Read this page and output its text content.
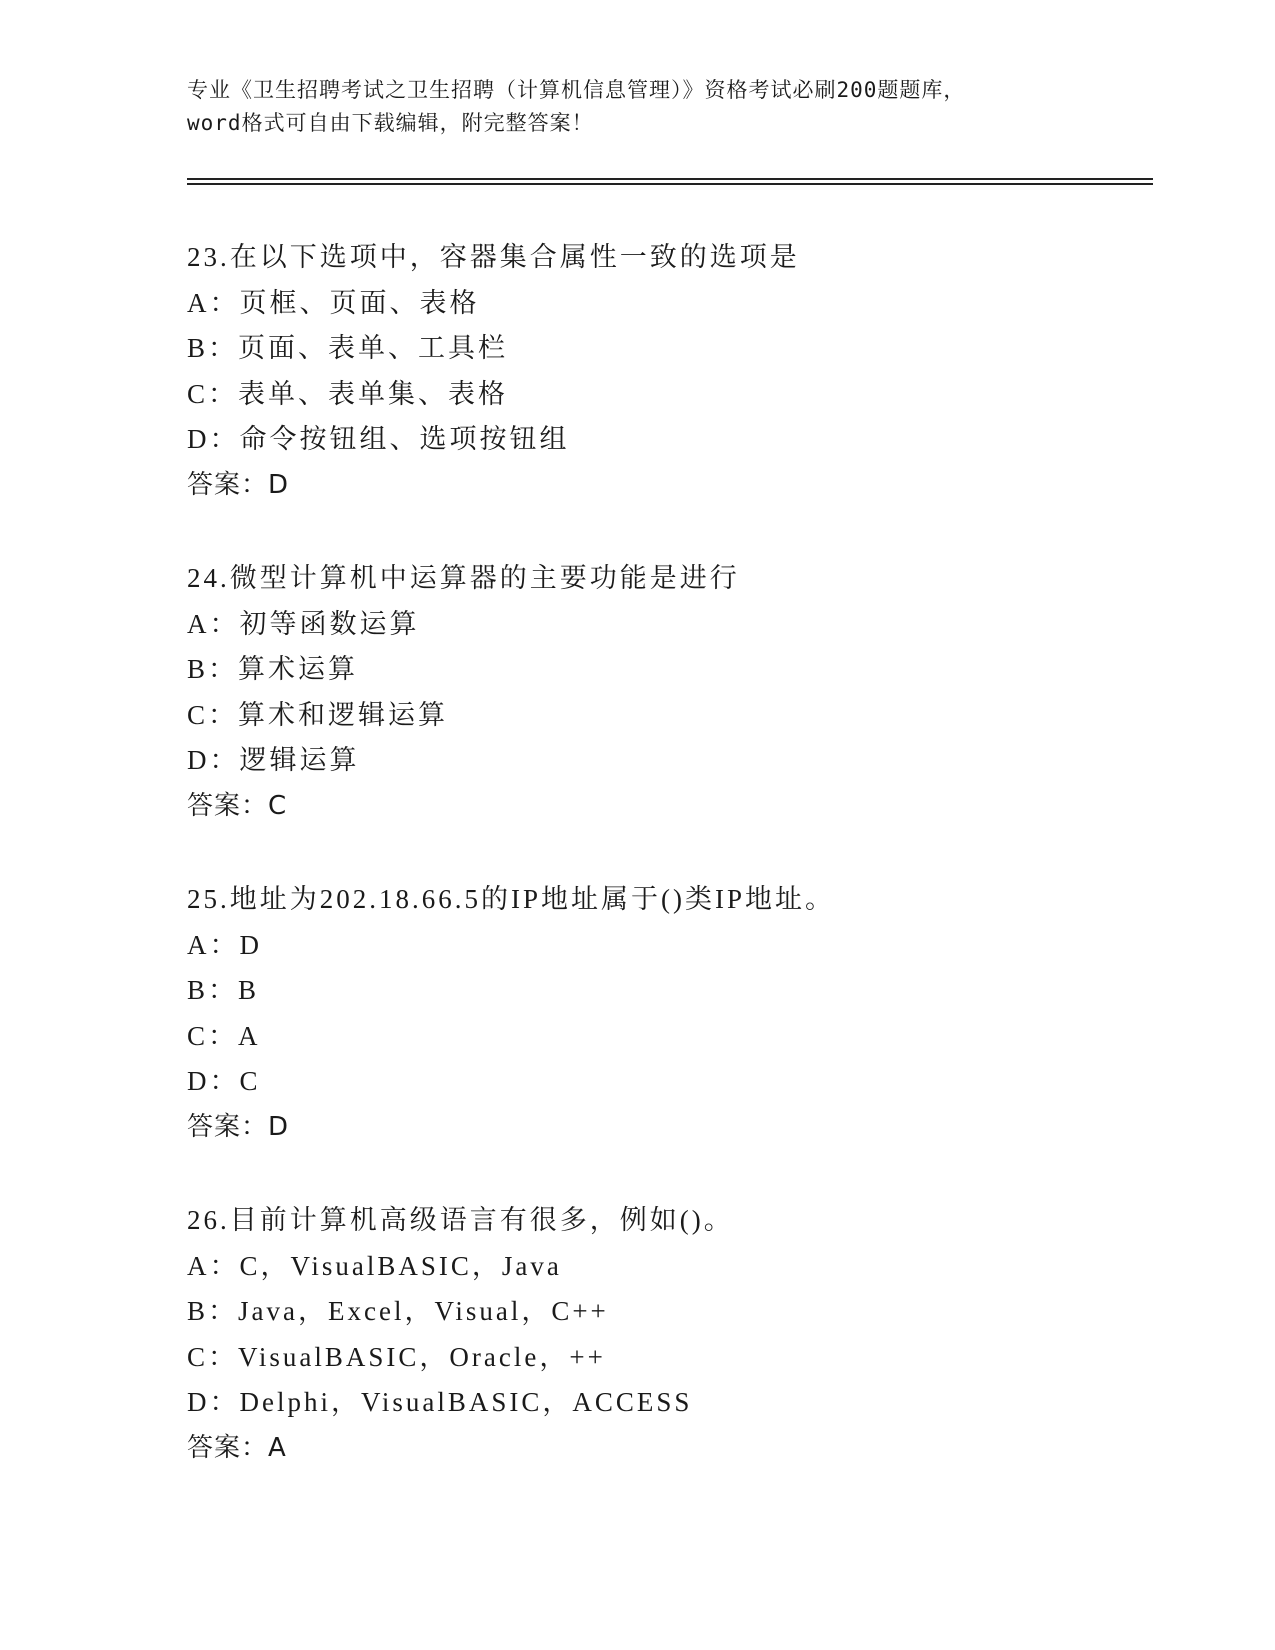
专业《卫生招聘考试之卫生招聘（计算机信息管理）》资格考试必刷200题题库，
word格式可自由下载编辑，附完整答案！
23.在以下选项中，容器集合属性一致的选项是
A：页框、页面、表格
B：页面、表单、工具栏
C：表单、表单集、表格
D：命令按钮组、选项按钮组
答案：D
24.微型计算机中运算器的主要功能是进行
A：初等函数运算
B：算术运算
C：算术和逻辑运算
D：逻辑运算
答案：C
25.地址为202.18.66.5的IP地址属于()类IP地址。
A：D
B：B
C：A
D：C
答案：D
26.目前计算机高级语言有很多，例如()。
A：C，VisualBASIC，Java
B：Java，Excel，Visual，C++
C：VisualBASIC，Oracle，++
D：Delphi，VisualBASIC，ACCESS
答案：A
